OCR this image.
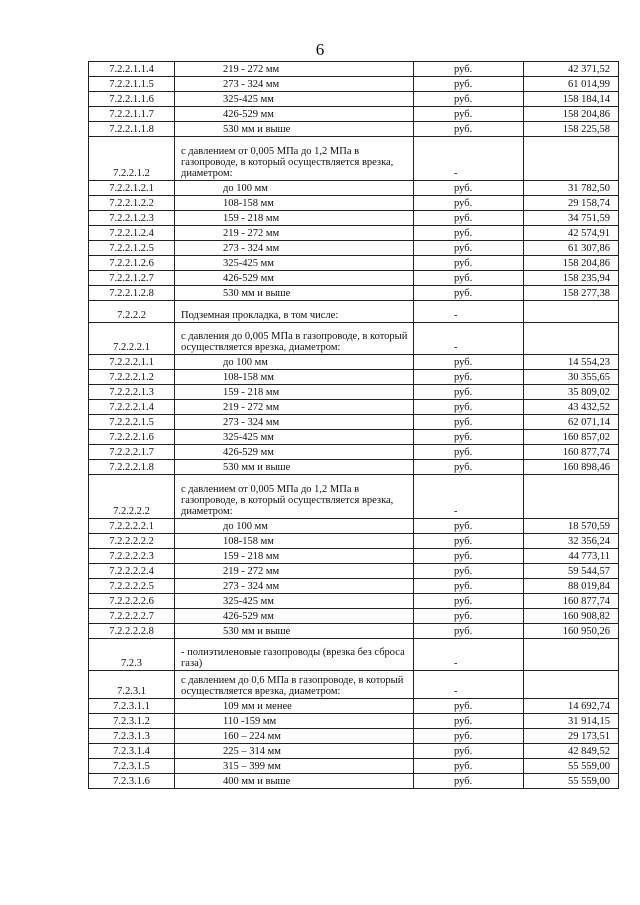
6
7.2.2.1.1.4	219 - 272 мм	руб.	42 371,52
7.2.2.1.1.5	273 - 324 мм	руб.	61 014,99
7.2.2.1.1.6	325-425 мм	руб.	158 184,14
7.2.2.1.1.7	426-529 мм	руб.	158 204,86
7.2.2.1.1.8	530 мм и выше	руб.	158 225,58
7.2.2.1.2	с давлением от 0,005 МПа до 1,2 МПа в газопроводе, в который осуществляется врезка, диаметром:	-	
7.2.2.1.2.1	до 100 мм	руб.	31 782,50
7.2.2.1.2.2	108-158 мм	руб.	29 158,74
7.2.2.1.2.3	159 - 218 мм	руб.	34 751,59
7.2.2.1.2.4	219 - 272 мм	руб.	42 574,91
7.2.2.1.2.5	273 - 324 мм	руб.	61 307,86
7.2.2.1.2.6	325-425 мм	руб.	158 204,86
7.2.2.1.2.7	426-529 мм	руб.	158 235,94
7.2.2.1.2.8	530 мм и выше	руб.	158 277,38
7.2.2.2	Подземная прокладка, в том числе:	-	
7.2.2.2.1	с давления до 0,005 МПа в газопроводе, в который осуществляется врезка, диаметром:	-	
7.2.2.2.1.1	до 100 мм	руб.	14 554,23
7.2.2.2.1.2	108-158 мм	руб.	30 355,65
7.2.2.2.1.3	159 - 218 мм	руб.	35 809,02
7.2.2.2.1.4	219 - 272 мм	руб.	43 432,52
7.2.2.2.1.5	273 - 324 мм	руб.	62 071,14
7.2.2.2.1.6	325-425 мм	руб.	160 857,02
7.2.2.2.1.7	426-529 мм	руб.	160 877,74
7.2.2.2.1.8	530 мм и выше	руб.	160 898,46
7.2.2.2.2	с давлением от 0,005 МПа до 1,2 МПа в газопроводе, в который осуществляется врезка, диаметром:	-	
7.2.2.2.2.1	до 100 мм	руб.	18 570,59
7.2.2.2.2.2	108-158 мм	руб.	32 356,24
7.2.2.2.2.3	159 - 218 мм	руб.	44 773,11
7.2.2.2.2.4	219 - 272 мм	руб.	59 544,57
7.2.2.2.2.5	273 - 324 мм	руб.	88 019,84
7.2.2.2.2.6	325-425 мм	руб.	160 877,74
7.2.2.2.2.7	426-529 мм	руб.	160 908,82
7.2.2.2.2.8	530 мм и выше	руб.	160 950,26
7.2.3	- полиэтиленовые газопроводы (врезка без сброса газа)	-	
7.2.3.1	с давлением до 0,6 МПа в газопроводе, в который осуществляется врезка, диаметром:	-	
7.2.3.1.1	109 мм и менее	руб.	14 692,74
7.2.3.1.2	110 -159 мм	руб.	31 914,15
7.2.3.1.3	160 – 224 мм	руб.	29 173,51
7.2.3.1.4	225 – 314 мм	руб.	42 849,52
7.2.3.1.5	315 – 399 мм	руб.	55 559,00
7.2.3.1.6	400 мм и выше	руб.	55 559,00
